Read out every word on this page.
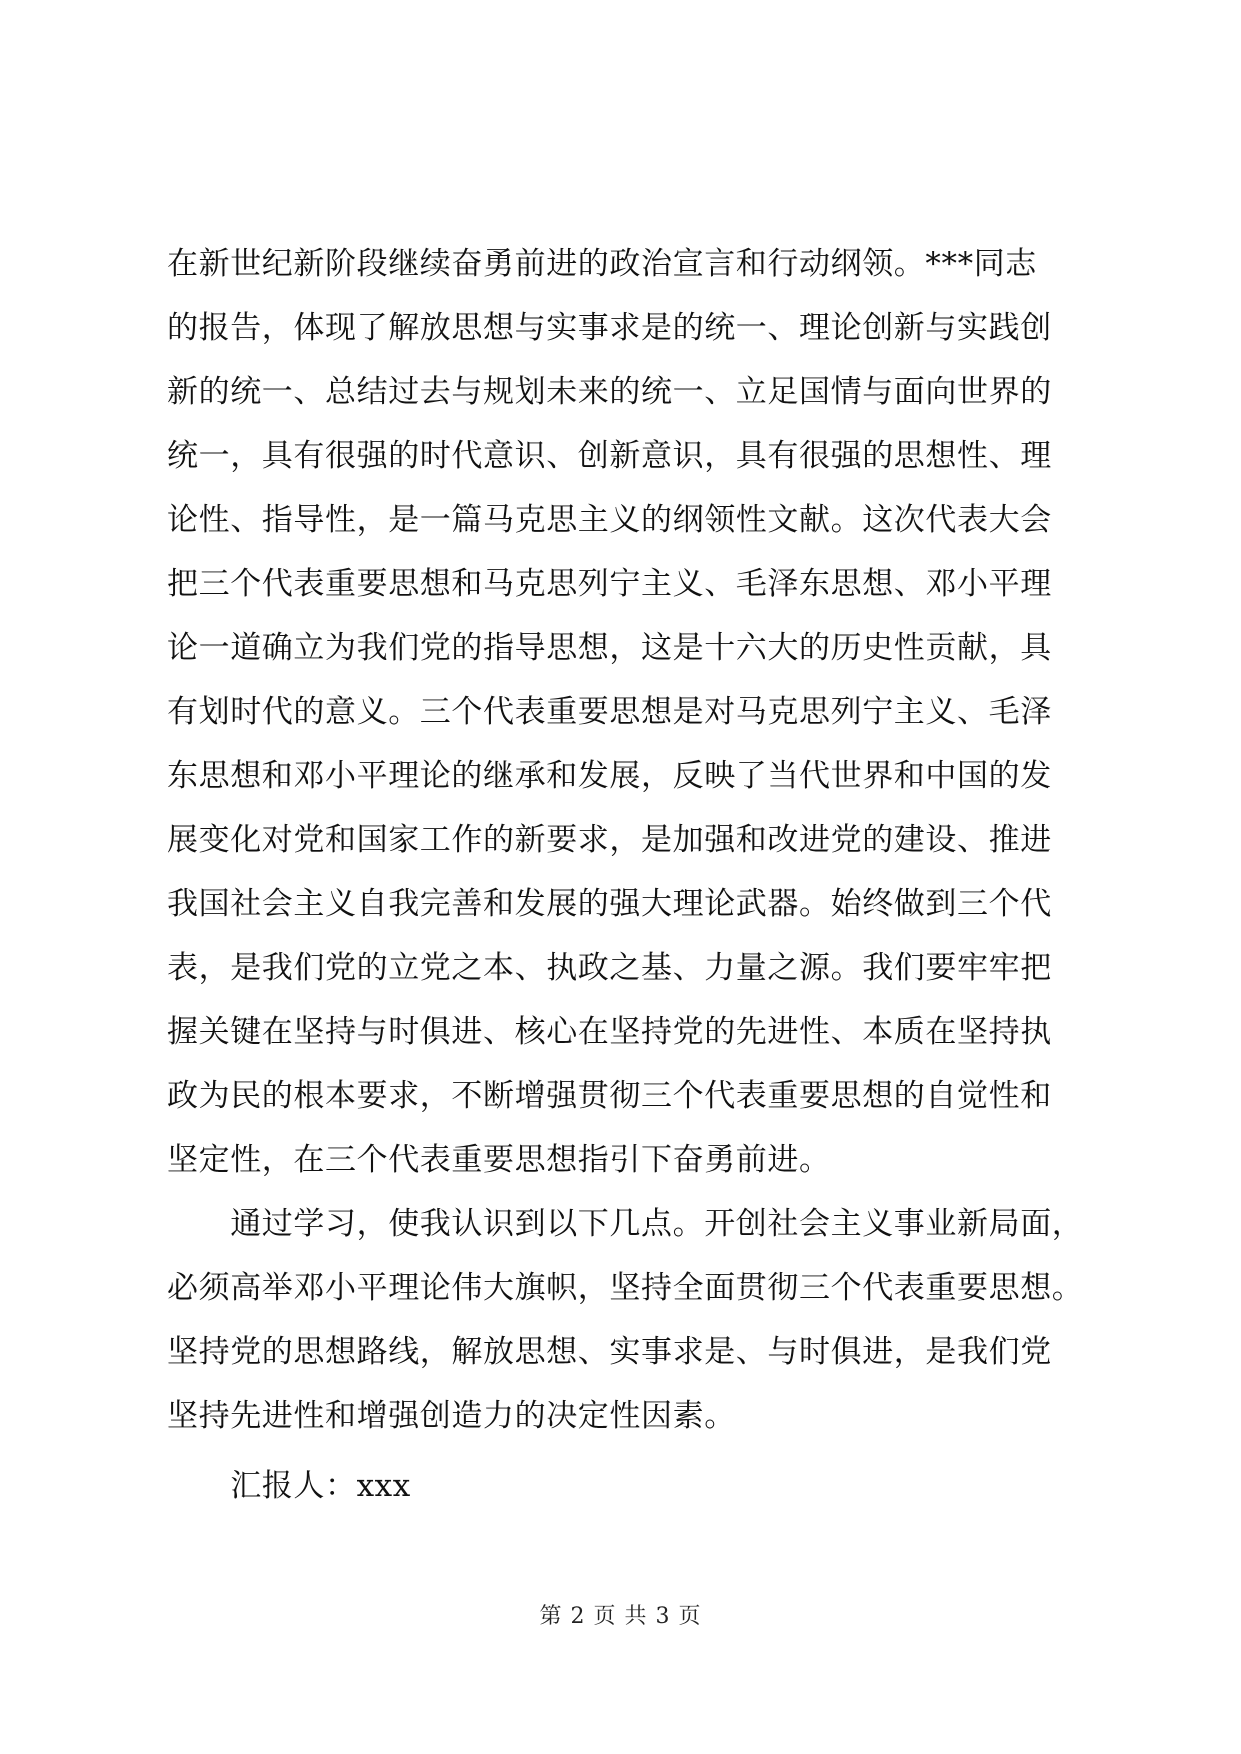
在新世纪新阶段继续奋勇前进的政治宣言和行动纲领。***同志
的报告，体现了解放思想与实事求是的统一、理论创新与实践创
新的统一、总结过去与规划未来的统一、立足国情与面向世界的
统一，具有很强的时代意识、创新意识，具有很强的思想性、理
论性、指导性，是一篇马克思主义的纲领性文献。这次代表大会
把三个代表重要思想和马克思列宁主义、毛泽东思想、邓小平理
论一道确立为我们党的指导思想，这是十六大的历史性贡献，具
有划时代的意义。三个代表重要思想是对马克思列宁主义、毛泽
东思想和邓小平理论的继承和发展，反映了当代世界和中国的发
展变化对党和国家工作的新要求，是加强和改进党的建设、推进
我国社会主义自我完善和发展的强大理论武器。始终做到三个代
表，是我们党的立党之本、执政之基、力量之源。我们要牢牢把
握关键在坚持与时俱进、核心在坚持党的先进性、本质在坚持执
政为民的根本要求，不断增强贯彻三个代表重要思想的自觉性和
坚定性，在三个代表重要思想指引下奋勇前进。
　　通过学习，使我认识到以下几点。开创社会主义事业新局面，
必须高举邓小平理论伟大旗帜，坚持全面贯彻三个代表重要思想。
坚持党的思想路线，解放思想、实事求是、与时俱进，是我们党
坚持先进性和增强创造力的决定性因素。
　　汇报人：xxx
第 2 页 共 3 页
